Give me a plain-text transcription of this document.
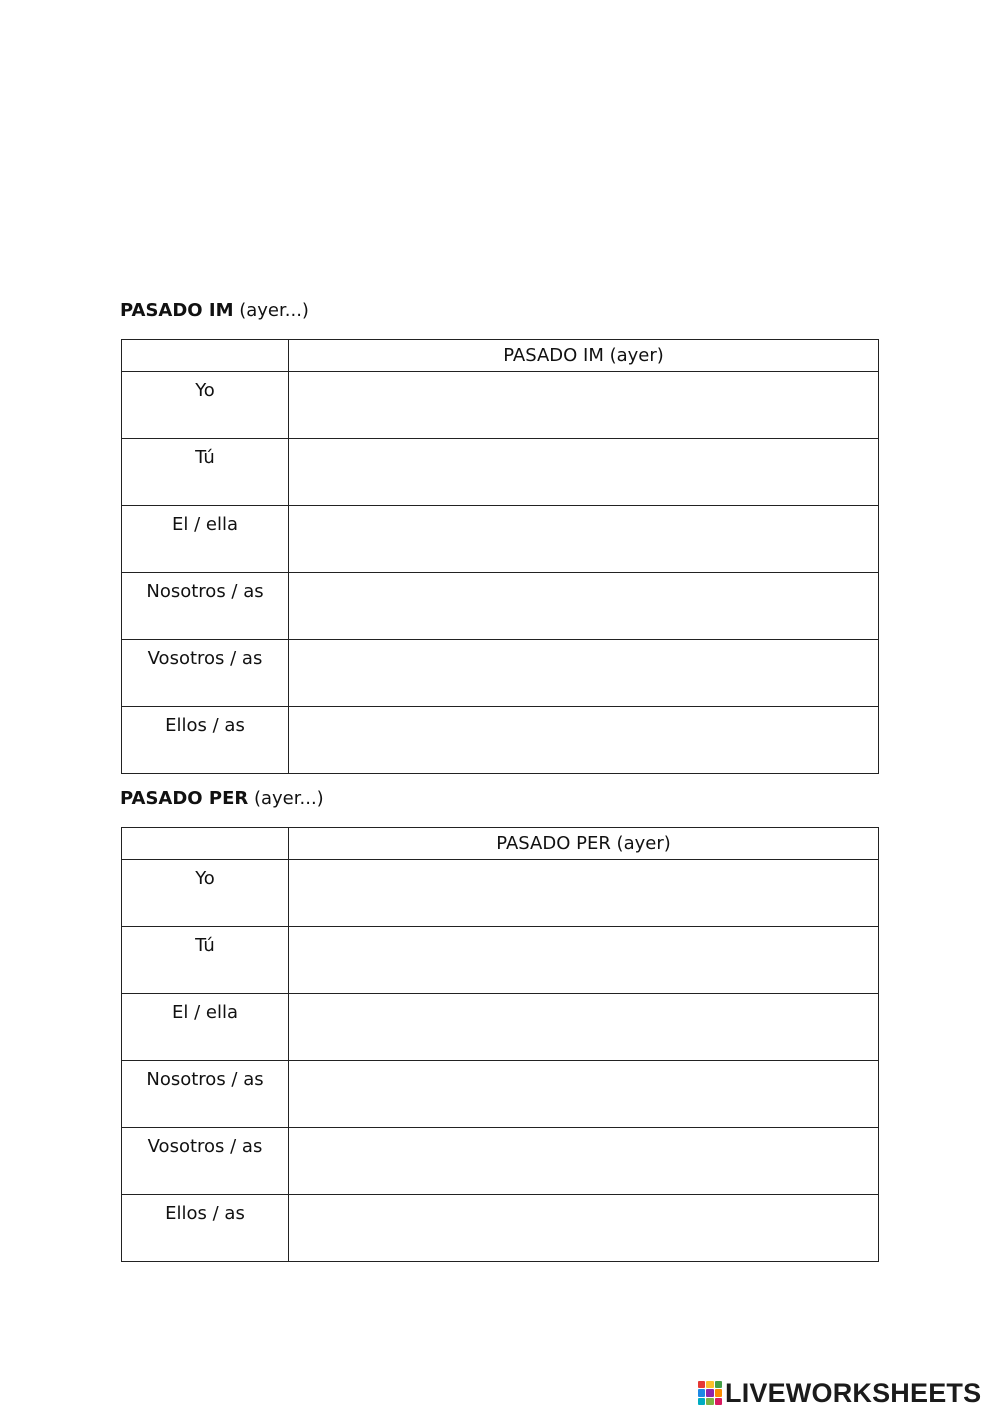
PASADO IM (ayer...)
	PASADO IM (ayer)
Yo	
Tú	
El / ella	
Nosotros / as	
Vosotros / as	
Ellos / as	
PASADO PER (ayer...)
	PASADO PER (ayer)
Yo	
Tú	
El / ella	
Nosotros / as	
Vosotros / as	
Ellos / as	
LIVEWORKSHEETS
